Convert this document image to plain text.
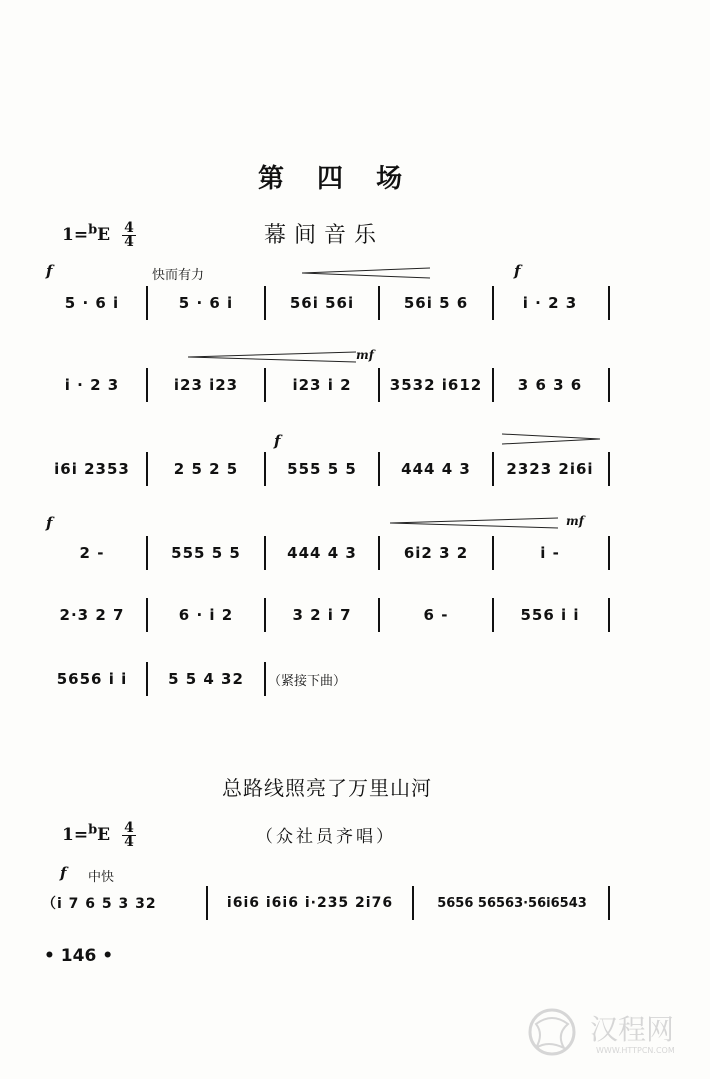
第 四 场
$1=^bE \frac{4}{4}$	幕间音乐
f	快而有力	f
5 · 6 i	5 · 6 i	56i 56i	56i 5 6	i · 2 3
mf
i · 2 3	i23 i23	i23 i 2	3532 i612 3 6 3 6
f
i6i 2353	2 5 2 5	555 5 5	444 4 3 2323 2i6i
f	mf
2 -	555 5 5	444 4 3	6i2 3 2	i -
2·3 2 7	6 · i 2	3 2 i 7	6 -	556 i i
5656 i i	5 5 4 32 （紧接下曲）
总路线照亮了万里山河
$1=^bE \frac{4}{4}$	（众社员齐唱）
f 中快
（i 7 6 5 3 32	i6i6 i6i6 i·235 2i76	5656 56563·56i6543
• 146 •
汉程网
WWW.HTTPCN.COM
